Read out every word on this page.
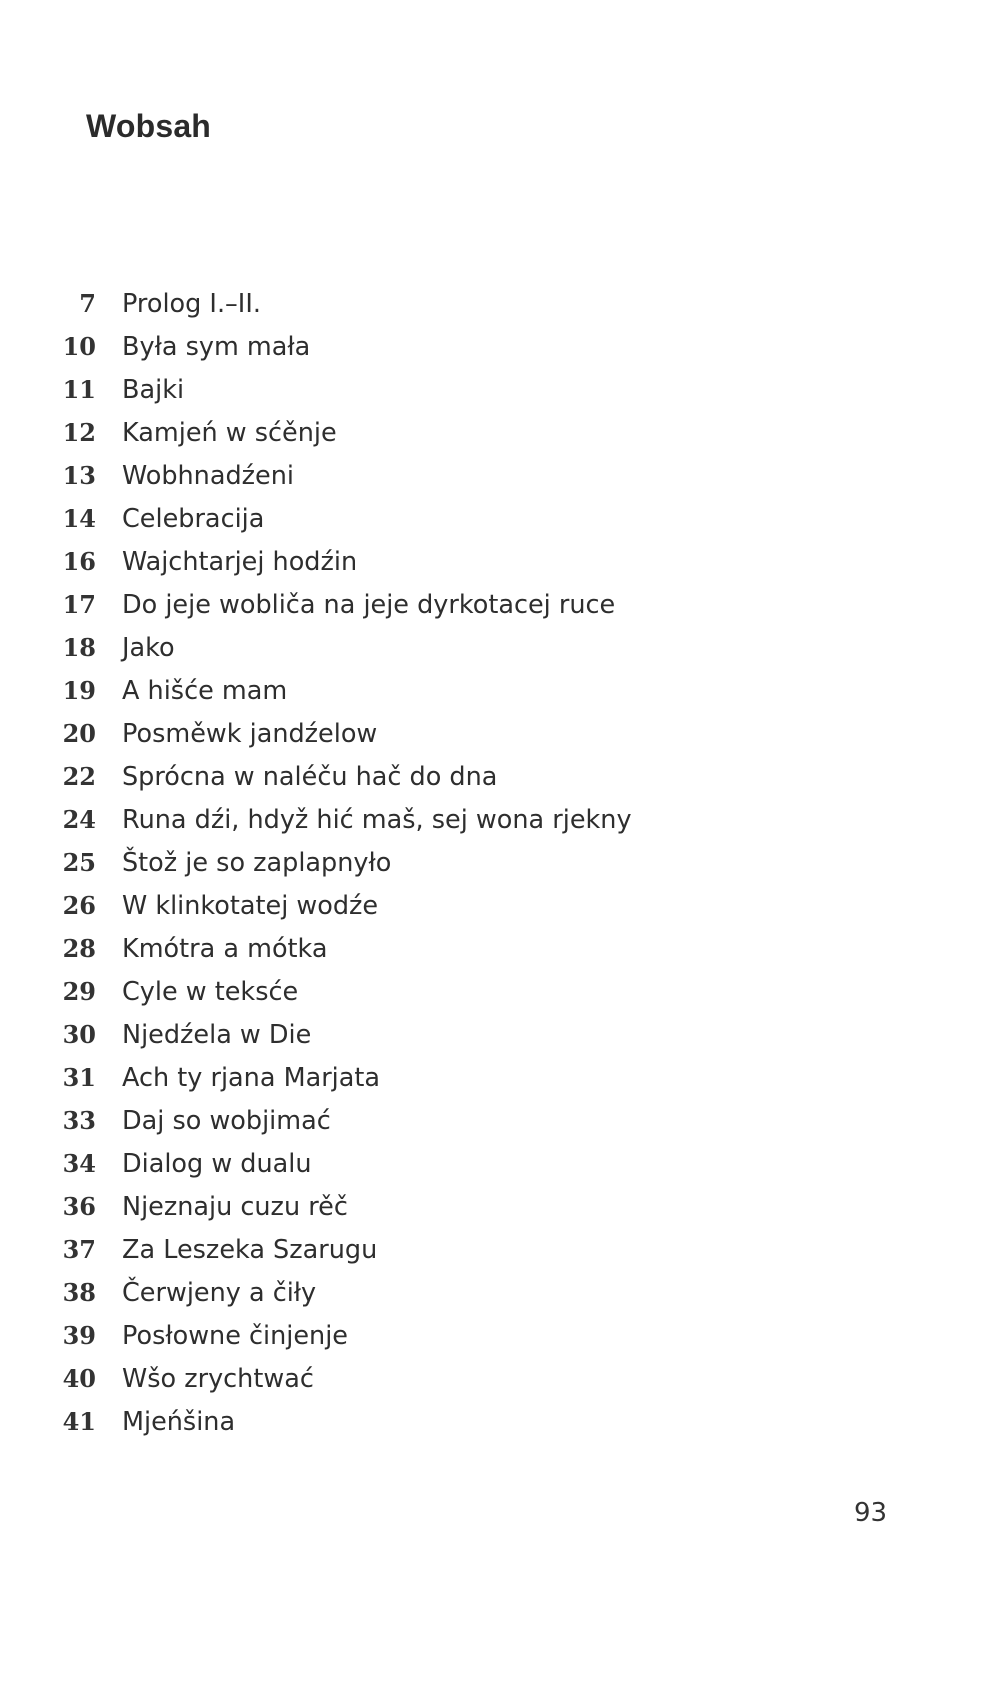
Wobsah
7	Prolog I.–II.
10	Była sym mała
11	Bajki
12	Kamjeń w sćěnje
13	Wobhnadźeni
14	Celebracija
16	Wajchtarjej hodźin
17	Do jeje wobliča na jeje dyrkotacej ruce
18	Jako
19	A hišće mam
20	Posměwk jandźelow
22	Sprócna w naléču hač do dna
24	Runa dźi, hdyž hić maš, sej wona rjekny
25	Štož je so zaplapnyło
26	W klinkotatej wodźe
28	Kmótra a mótka
29	Cyle w teksće
30	Njedźela w Die
31	Ach ty rjana Marjata
33	Daj so wobjimać
34	Dialog w dualu
36	Njeznaju cuzu rěč
37	Za Leszeka Szarugu
38	Čerwjeny a čiły
39	Posłowne činjenje
40	Wšo zrychtwać
41	Mjeńšina
93
